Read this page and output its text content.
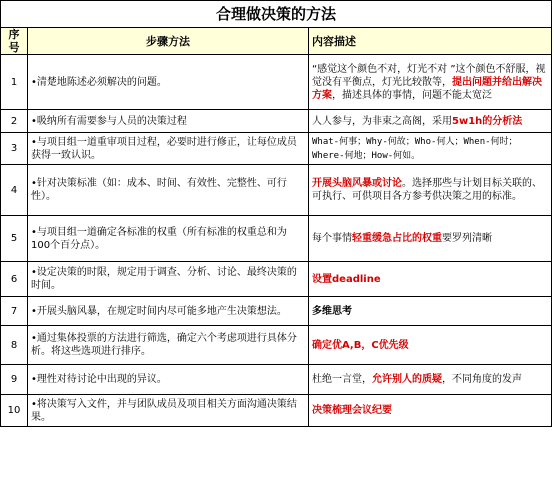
合理做决策的方法		
序号	步骤方法	内容描述
1	•清楚地陈述必须解决的问题。	“感觉这个颜色不对，灯光不对 ”这个颜色不舒服，视觉没有平衡点，灯光比较散等，提出问题并给出解决方案，描述具体的事情，问题不能太宽泛
2	•吸纳所有需要参与人员的决策过程	人人参与，为非束之高阁，采用5w1h的分析法
3	•与项目组一道重审项目过程，必要时进行修正，让每位成员获得一致认识。	What-何事；Why-何故；Who-何人；When-何时； Where-何地；How-何如。
4	•针对决策标准（如：成本、时间、有效性、完整性、可行性）。	开展头脑风暴或讨论。选择那些与计划目标关联的、可执行、可供项目各方参考供决策之用的标准。
5	•与项目组一道确定各标准的权重（所有标准的权重总和为100个百分点）。	每个事情轻重缓急占比的权重要罗列清晰
6	•设定决策的时限，规定用于调查、分析、讨论、最终决策的时间。	设置deadline
7	•开展头脑风暴，在规定时间内尽可能多地产生决策想法。	多维思考
8	•通过集体投票的方法进行筛选，确定六个考虑项进行具体分析。将这些选项进行排序。	确定优A,B，C优先级
9	•理性对待讨论中出现的异议。	杜绝一言堂，允许别人的质疑，不同角度的发声
10	•将决策写入文件，并与团队成员及项目相关方面沟通决策结果。	决策梳理会议纪要
